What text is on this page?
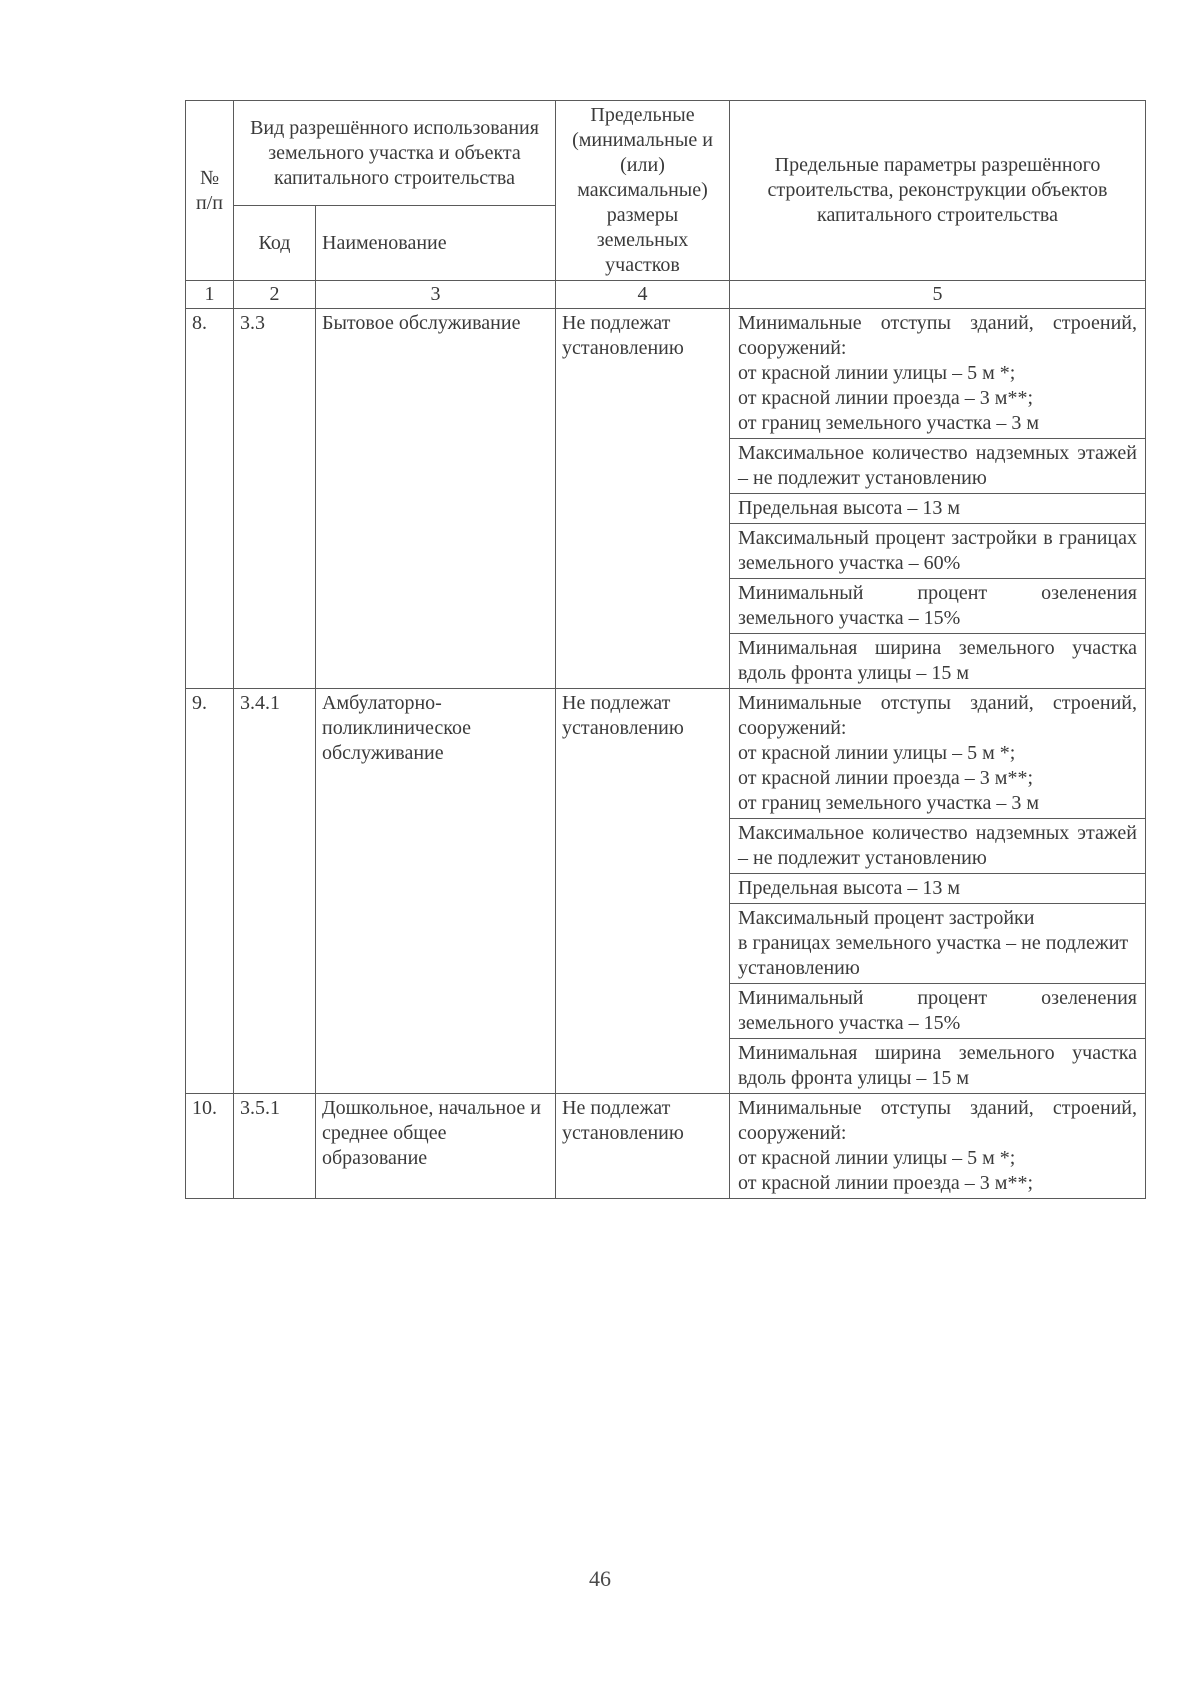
№ п/п	Вид разрешённого использования земельного участка и объекта капитального строительства		Предельные (минимальные и (или) максимальные) размеры земельных участков	Предельные параметры разрешённого строительства, реконструкции объектов капитального строительства
	Код	Наименование		
1	2	3	4	5
8.	3.3	Бытовое обслуживание	Не подлежат установлению	Минимальные отступы зданий, строений, сооружений:
от красной линии улицы – 5 м *;
от красной линии проезда – 3 м**;
от границ земельного участка – 3 м

				Максимальное количество надземных этажей – не подлежит установлению
				Предельная высота – 13 м
				Максимальный процент застройки в границах земельного участка – 60%
				Минимальный процент озеленения земельного участка – 15%
				Минимальная ширина земельного участка вдоль фронта улицы – 15 м
9.	3.4.1	Амбулаторно-поликлиническое обслуживание	Не подлежат установлению	Минимальные отступы зданий, строений, сооружений:
от красной линии улицы – 5 м *;
от красной линии проезда – 3 м**;
от границ земельного участка – 3 м

				Максимальное количество надземных этажей – не подлежит установлению
				Предельная высота – 13 м

				Максимальный процент застройки
в границах земельного участка – не подлежит установлению

				Минимальный процент озеленения земельного участка – 15%
				Минимальная ширина земельного участка вдоль фронта улицы – 15 м
10.	3.5.1	Дошкольное, начальное и среднее общее образование	Не подлежат установлению	Минимальные отступы зданий, строений, сооружений:
от красной линии улицы – 5 м *;
от красной линии проезда – 3 м**;
46
